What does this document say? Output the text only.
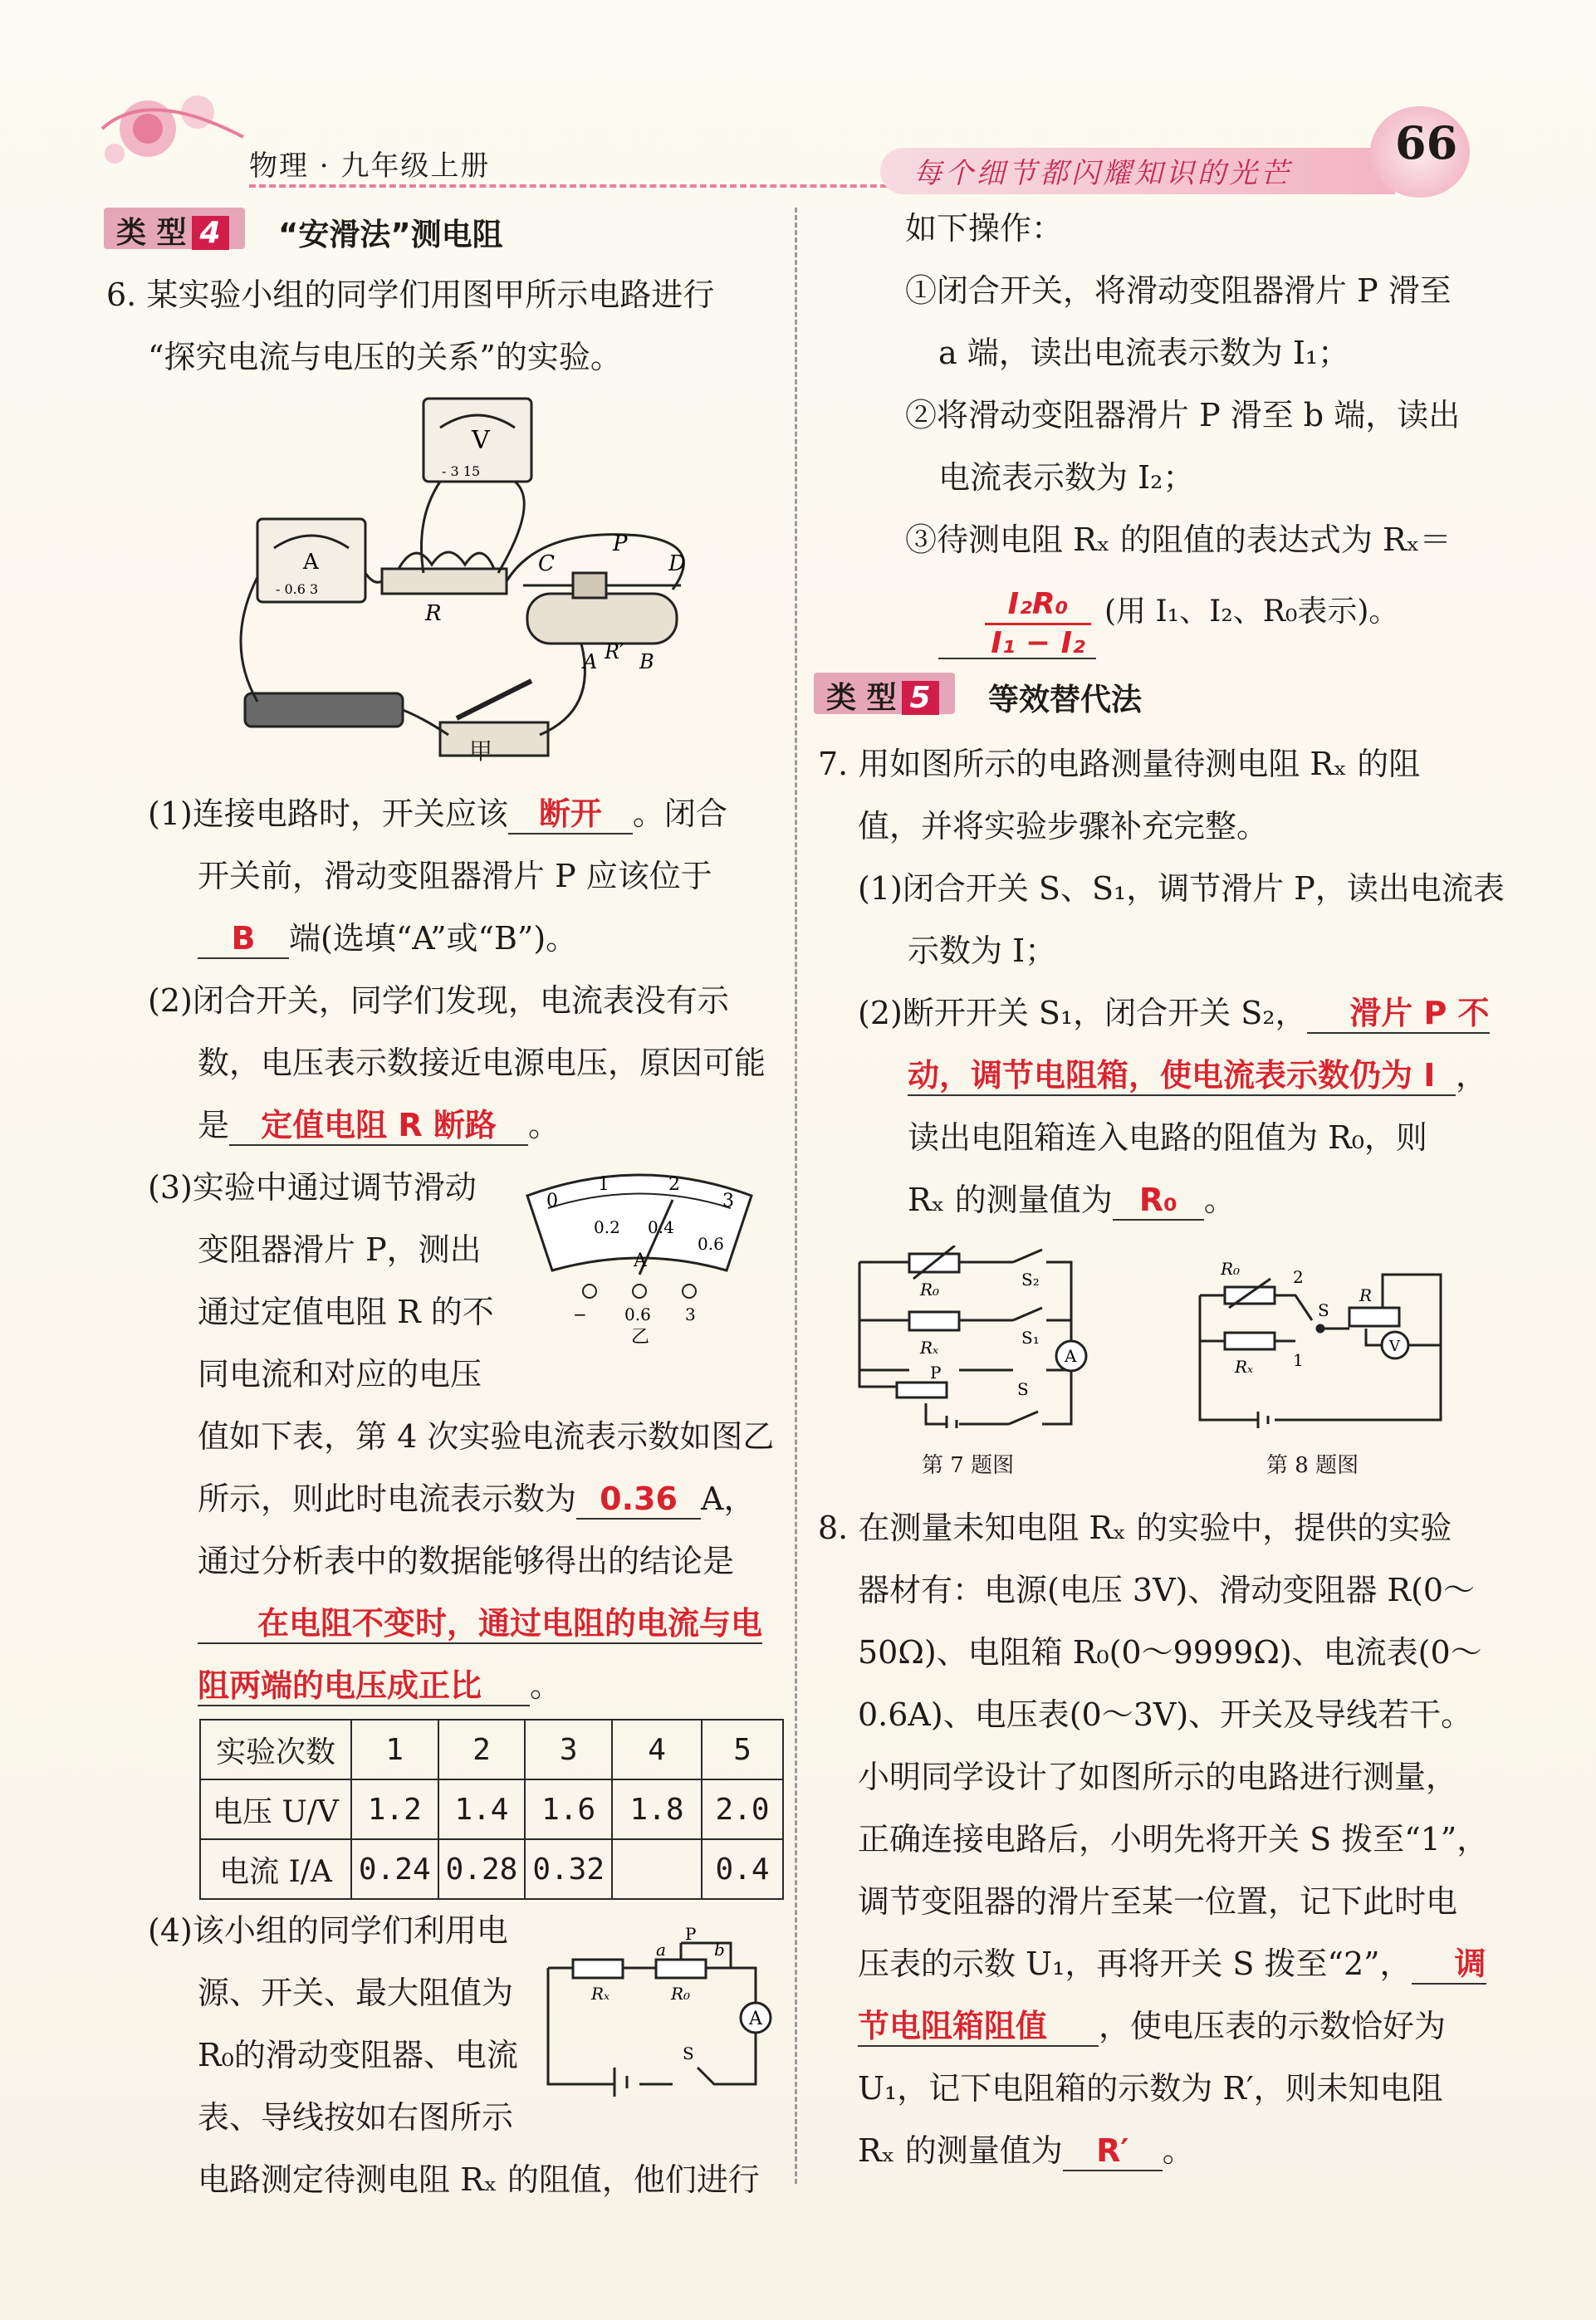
物理 · 九年级上册	每个细节都闪耀知识的光芒
66
类 型 4 “安滑法”测电阻
6. 某实验小组的同学们用图甲所示电路进行
“探究电流与电压的关系”的实验。
V
- 3 15
A
- 0.6 3
R
C
P
D
A R′ B
甲
(1)连接电路时，开关应该 断开 。闭合
开关前，滑动变阻器滑片 P 应该位于
B 端(选填“A”或“B”)。
(2)闭合开关，同学们发现，电流表没有示
数，电压表示数接近电源电压，原因可能
是 定值电阻 R 断路 。
(3)实验中通过调节滑动
变阻器滑片 P，测出
通过定值电阻 R 的不
同电流和对应的电压
0
1	2
3
0.2 0.4
0.6
A
− 0.6 3
乙
值如下表，第 4 次实验电流表示数如图乙
所示，则此时电流表示数为 0.36 A，
通过分析表中的数据能够得出的结论是
在电阻不变时，通过电阻的电流与电
阻两端的电压成正比 。
实验次数	1	2	3	4	5
电压 U/V	1.2	1.4	1.6	1.8	2.0
电流 I/A	0.24	0.28	0.32		0.4
(4)该小组的同学们利用电
源、开关、最大阻值为
R₀的滑动变阻器、电流
表、导线按如右图所示
电路测定待测电阻 Rₓ 的阻值，他们进行
A
Rₓ
a
R₀
b
P
S
如下操作：
①闭合开关，将滑动变阻器滑片 P 滑至
a 端，读出电流表示数为 I₁；
②将滑动变阻器滑片 P 滑至 b 端，读出
电流表示数为 I₂；
③待测电阻 Rₓ 的阻值的表达式为 Rₓ＝
I₂R₀
I₁ − I₂
(用 I₁、I₂、R₀表示)。
类 型 5 等效替代法
7. 用如图所示的电路测量待测电阻 Rₓ 的阻
值，并将实验步骤补充完整。
(1)闭合开关 S、S₁，调节滑片 P，读出电流表
示数为 I；
(2)断开开关 S₁，闭合开关 S₂， 滑片 P 不
动，调节电阻箱，使电流表示数仍为 I ，
读出电阻箱连入电路的阻值为 R₀，则
Rₓ 的测量值为 R₀ 。
A
R₀
Rₓ
S₂
S₁
P
S
第 7 题图
V
R₀
Rₓ
2
1
S
R
第 8 题图
8. 在测量未知电阻 Rₓ 的实验中，提供的实验
器材有：电源(电压 3V)、滑动变阻器 R(0～
50Ω)、电阻箱 R₀(0～9999Ω)、电流表(0～
0.6A)、电压表(0～3V)、开关及导线若干。
小明同学设计了如图所示的电路进行测量，
正确连接电路后，小明先将开关 S 拨至“1”，
调节变阻器的滑片至某一位置，记下此时电
压表的示数 U₁，再将开关 S 拨至“2”， 调
节电阻箱阻值 ，使电压表的示数恰好为
U₁，记下电阻箱的示数为 R′，则未知电阻
Rₓ 的测量值为 R′ 。
